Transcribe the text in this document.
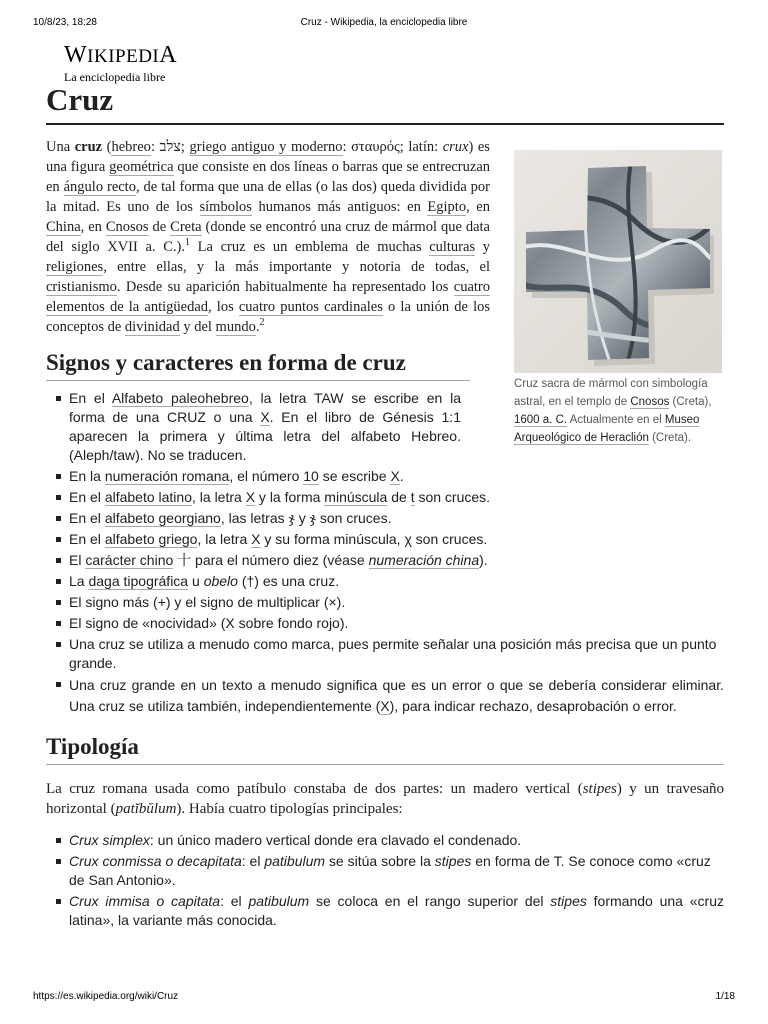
10/8/23, 18:28	Cruz - Wikipedia, la enciclopedia libre
WIKIPEDIA
La enciclopedia libre
Cruz
Cruz sacra de mármol con simbología astral, en el templo de Cnosos (Creta), 1600 a. C. Actualmente en el Museo Arqueológico de Heraclión (Creta).

Una cruz (hebreo: צלב; griego antiguo y moderno: σταυρός; latín: crux) es una figura geométrica que consiste en dos líneas o barras que se entrecruzan en ángulo recto, de tal forma que una de ellas (o las dos) queda dividida por la mitad. Es uno de los símbolos humanos más antiguos: en Egipto, en China, en Cnosos de Creta (donde se encontró una cruz de mármol que data del siglo XVII a. C.).$^1$ La cruz es un emblema de muchas culturas y religiones, entre ellas, y la más importante y notoria de todas, el cristianismo. Desde su aparición habitualmente ha representado los cuatro elementos de la antigüedad, los cuatro puntos cardinales o la unión de los conceptos de divinidad y del mundo.$^2$

Signos y caracteres en forma de cruz
En el Alfabeto paleohebreo, la letra TAW se escribe en la forma de una CRUZ o una X. En el libro de Génesis 1:1 aparecen la primera y última letra del alfabeto Hebreo. (Aleph/taw). No se traducen.
En la numeración romana, el número 10 se escribe X.
En el alfabeto latino, la letra X y la forma minúscula de t son cruces.
En el alfabeto georgiano, las letras ჯ y ჯ son cruces.
En el alfabeto griego, la letra X y su forma minúscula, χ son cruces.
El carácter chino 十 para el número diez (véase numeración china).
La daga tipográfica u obelo (†) es una cruz.
El signo más (+) y el signo de multiplicar (×).
El signo de «nocividad» (X sobre fondo rojo).
Una cruz se utiliza a menudo como marca, pues permite señalar una posición más precisa que un punto grande.
Una cruz grande en un texto a menudo significa que es un error o que se debería considerar eliminar. Una cruz se utiliza también, independientemente (X), para indicar rechazo, desaprobación o error.
Tipología

La cruz romana usada como patíbulo constaba de dos partes: un madero vertical (stipes) y un travesaño horizontal (patĭbŭlum). Había cuatro tipologías principales:

Crux simplex: un único madero vertical donde era clavado el condenado.
Crux conmissa o decapitata: el patibulum se sitúa sobre la stipes en forma de T. Se conoce como «cruz de San Antonio».
Crux immisa o capitata: el patibulum se coloca en el rango superior del stipes formando una «cruz latina», la variante más conocida.
https://es.wikipedia.org/wiki/Cruz	1/18
